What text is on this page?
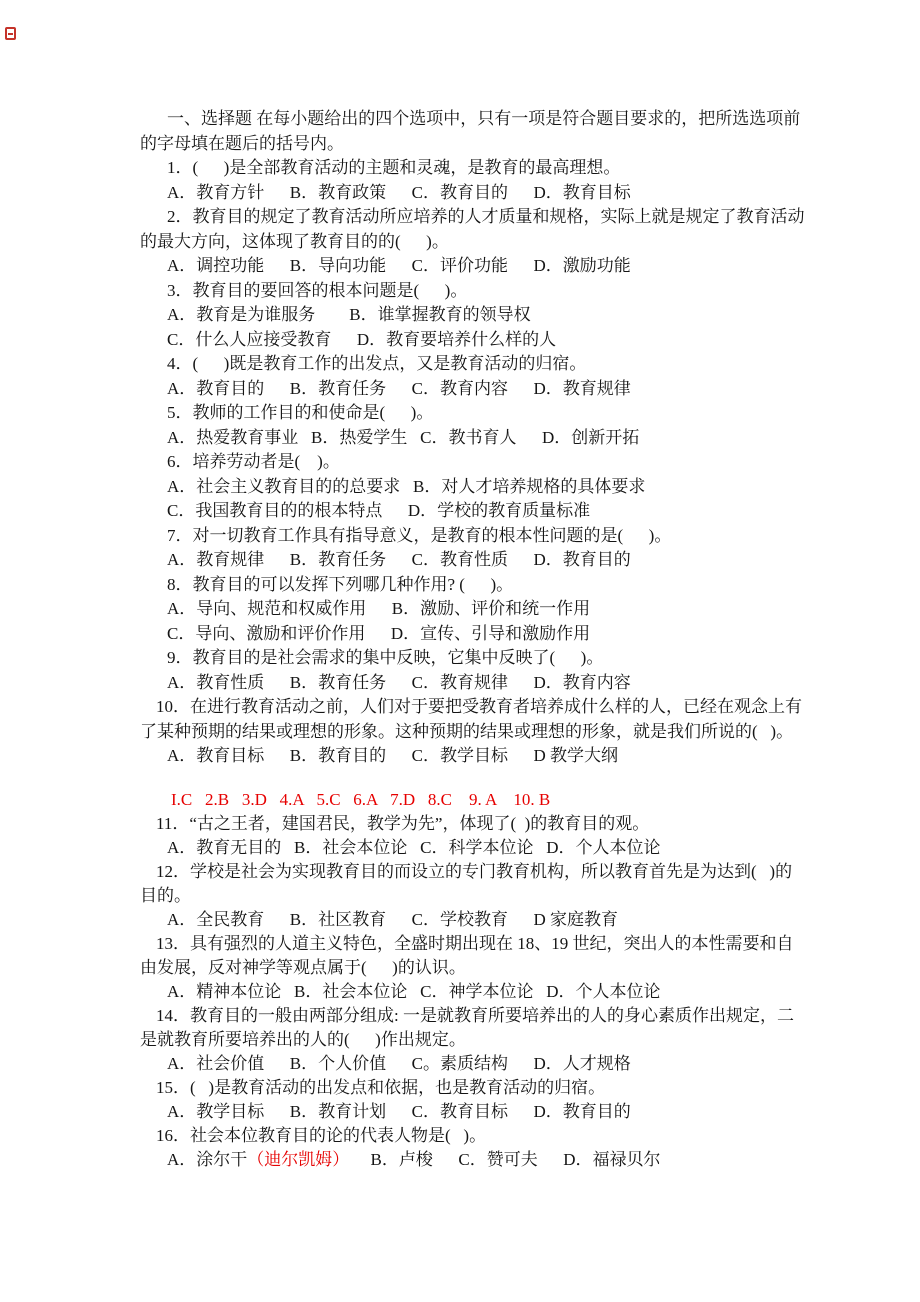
一、选择题 在每小题给出的四个选项中，只有一项是符合题目要求的，把所选选项前
的字母填在题后的括号内。
1．(      )是全部教育活动的主题和灵魂，是教育的最高理想。
A．教育方针      B．教育政策      C．教育目的      D．教育目标
2．教育目的规定了教育活动所应培养的人才质量和规格，实际上就是规定了教育活动
的最大方向，这体现了教育目的的(      )。
A．调控功能      B．导向功能      C．评价功能      D．激励功能
3．教育目的要回答的根本问题是(      )。
A．教育是为谁服务        B．谁掌握教育的领导权
C．什么人应接受教育      D．教育要培养什么样的人
4．(      )既是教育工作的出发点，又是教育活动的归宿。
A．教育目的      B．教育任务      C．教育内容      D．教育规律
5．教师的工作目的和使命是(      )。
A．热爱教育事业   B．热爱学生   C．教书育人      D．创新开拓
6．培养劳动者是(    )。
A．社会主义教育目的的总要求   B．对人才培养规格的具体要求
C．我国教育目的的根本特点      D．学校的教育质量标准
7．对一切教育工作具有指导意义，是教育的根本性问题的是(      )。
A．教育规律      B．教育任务      C．教育性质      D．教育目的
8．教育目的可以发挥下列哪几种作用? (      )。
A．导向、规范和权威作用      B．激励、评价和统一作用
C．导向、激励和评价作用      D．宣传、引导和激励作用
9．教育目的是社会需求的集中反映，它集中反映了(      )。
A．教育性质      B．教育任务      C．教育规律      D．教育内容
10．在进行教育活动之前，人们对于要把受教育者培养成什么样的人，已经在观念上有
了某种预期的结果或理想的形象。这种预期的结果或理想的形象，就是我们所说的(   )。
A．教育目标      B．教育目的      C．教学目标      D 教学大纲
I.C   2.B   3.D   4.A   5.C   6.A   7.D   8.C    9. A    10. B
11．“古之王者，建国君民，教学为先”，体现了(  )的教育目的观。
A．教育无目的   B．社会本位论   C．科学本位论   D．个人本位论
12．学校是社会为实现教育目的而设立的专门教育机构，所以教育首先是为达到(   )的
目的。
A．全民教育      B．社区教育      C．学校教育      D 家庭教育
13．具有强烈的人道主义特色，全盛时期出现在 18、19 世纪，突出人的本性需要和自
由发展，反对神学等观点属于(      )的认识。
A．精神本位论   B．社会本位论   C．神学本位论   D．个人本位论
14．教育目的一般由两部分组成: 一是就教育所要培养出的人的身心素质作出规定，二
是就教育所要培养出的人的(      )作出规定。
A．社会价值      B．个人价值      C。素质结构      D．人才规格
15．(   )是教育活动的出发点和依据，也是教育活动的归宿。
A．教学目标      B．教育计划      C．教育目标      D．教育目的
16．社会本位教育目的论的代表人物是(   )。
A．涂尔干（迪尔凯姆）     B．卢梭      C．赞可夫      D．福禄贝尔
